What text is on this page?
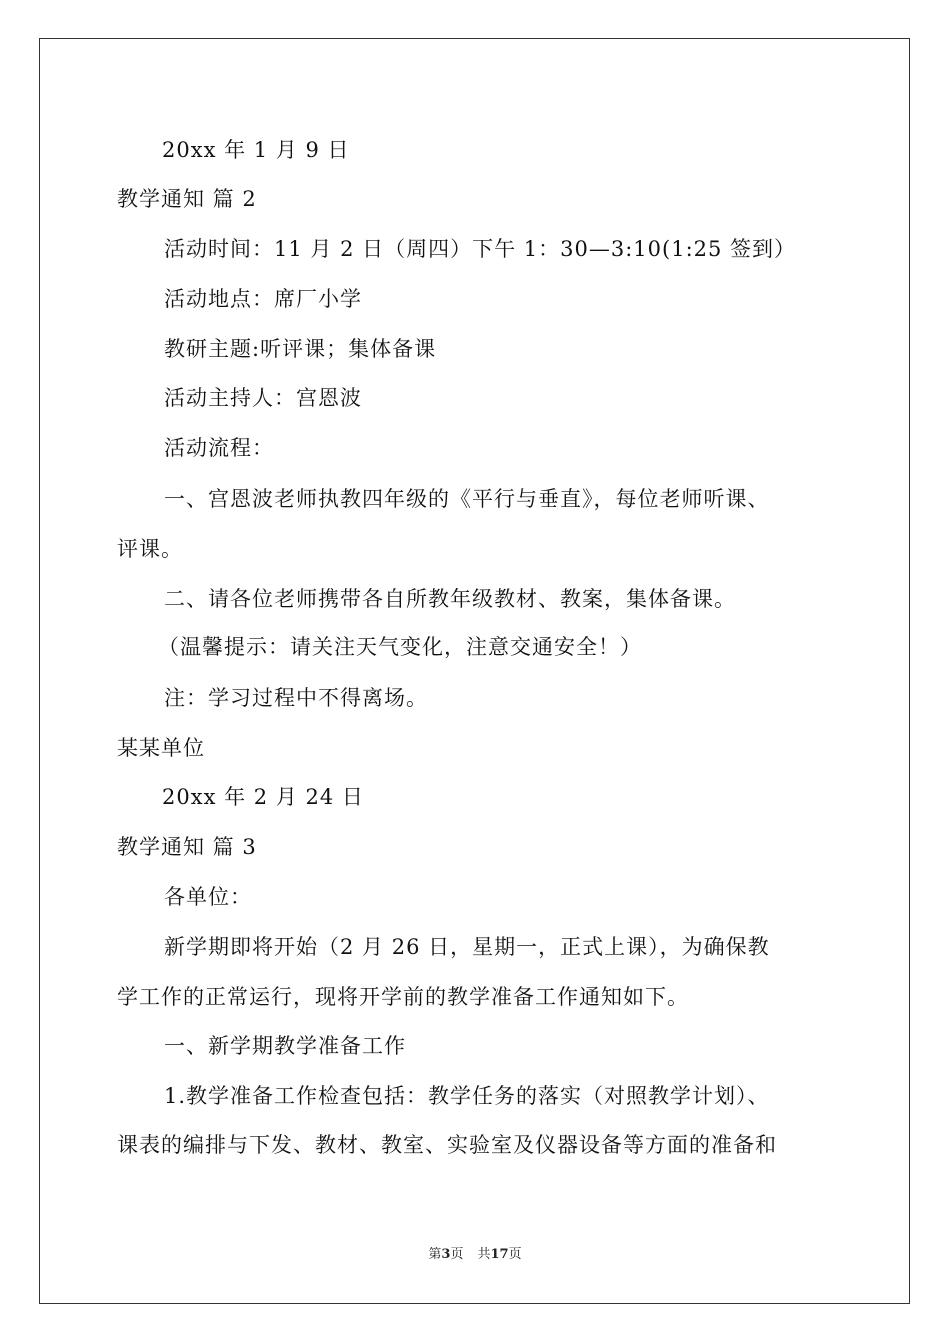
20xx 年 1 月 9 日
教学通知 篇 2
活动时间：11 月 2 日（周四）下午 1：30—3:10(1:25 签到）
活动地点：席厂小学
教研主题:听评课；集体备课
活动主持人：宫恩波
活动流程：
一、宫恩波老师执教四年级的《平行与垂直》，每位老师听课、
评课。
二、请各位老师携带各自所教年级教材、教案，集体备课。
（温馨提示：请关注天气变化，注意交通安全！）
注：学习过程中不得离场。
某某单位
20xx 年 2 月 24 日
教学通知 篇 3
各单位：
新学期即将开始（2 月 26 日，星期一，正式上课），为确保教
学工作的正常运行，现将开学前的教学准备工作通知如下。
一、新学期教学准备工作
1.教学准备工作检查包括：教学任务的落实（对照教学计划）、
课表的编排与下发、教材、教室、实验室及仪器设备等方面的准备和
第3页 共17页
